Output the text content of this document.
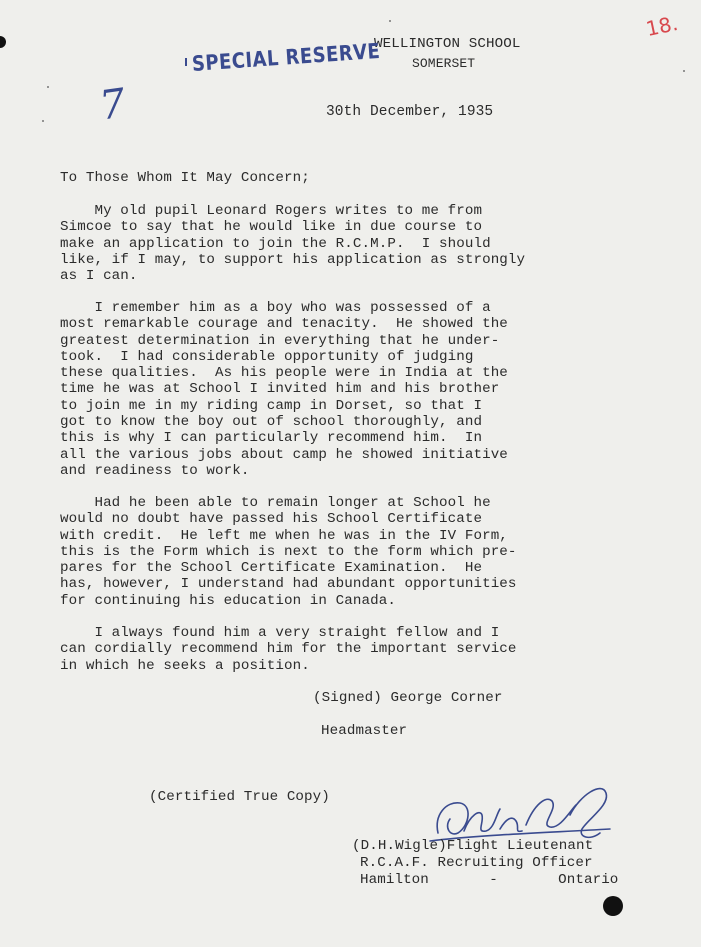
18.
WELLINGTON SCHOOL
SOMERSET
SPECIAL RESERVE
7	30th December, 1935
To Those Whom It May Concern;
My old pupil Leonard Rogers writes to me from
Simcoe to say that he would like in due course to
make an application to join the R.C.M.P.  I should
like, if I may, to support his application as strongly
as I can.
I remember him as a boy who was possessed of a
most remarkable courage and tenacity.  He showed the
greatest determination in everything that he under-
took.  I had considerable opportunity of judging
these qualities.  As his people were in India at the
time he was at School I invited him and his brother
to join me in my riding camp in Dorset, so that I
got to know the boy out of school thoroughly, and
this is why I can particularly recommend him.  In
all the various jobs about camp he showed initiative
and readiness to work.
Had he been able to remain longer at School he
would no doubt have passed his School Certificate
with credit.  He left me when he was in the IV Form,
this is the Form which is next to the form which pre-
pares for the School Certificate Examination.  He
has, however, I understand had abundant opportunities
for continuing his education in Canada.
I always found him a very straight fellow and I
can cordially recommend him for the important service
in which he seeks a position.
(Signed) George Corner
Headmaster
(Certified True Copy)
(D.H.Wigle)Flight Lieutenant
R.C.A.F. Recruiting Officer
Hamilton       -       Ontario
